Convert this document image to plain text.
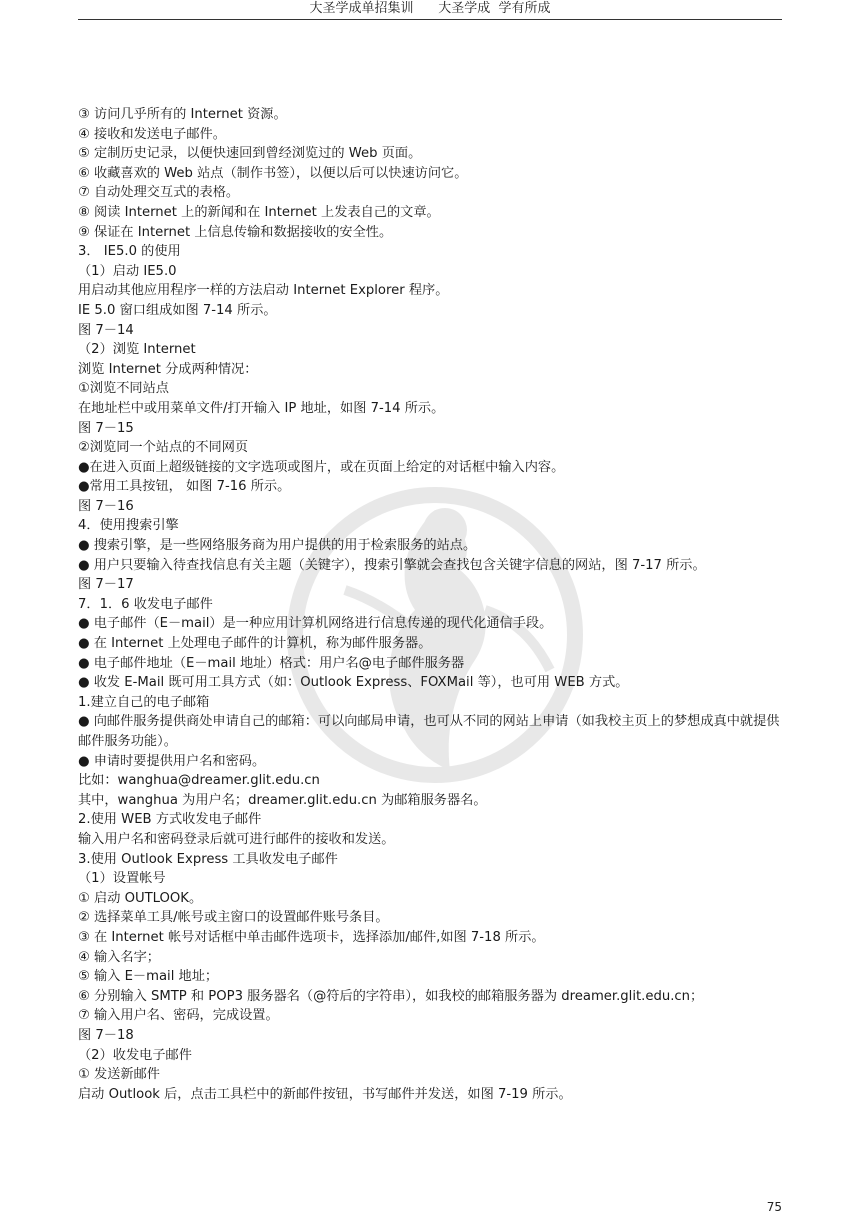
大圣学成单招集训      大圣学成  学有所成
③ 访问几乎所有的 Internet 资源。
④ 接收和发送电子邮件。
⑤ 定制历史记录，以便快速回到曾经浏览过的 Web 页面。
⑥ 收藏喜欢的 Web 站点（制作书签），以便以后可以快速访问它。
⑦ 自动处理交互式的表格。
⑧ 阅读 Internet 上的新闻和在 Internet 上发表自己的文章。
⑨ 保证在 Internet 上信息传输和数据接收的安全性。
3． IE5.0 的使用
（1）启动 IE5.0
用启动其他应用程序一样的方法启动 Internet Explorer 程序。
IE 5.0 窗口组成如图 7-14 所示。
图 7－14
（2）浏览 Internet
浏览 Internet 分成两种情况：
①浏览不同站点
在地址栏中或用菜单文件/打开输入 IP 地址，如图 7-14 所示。
图 7－15
②浏览同一个站点的不同网页
●在进入页面上超级链接的文字选项或图片，或在页面上给定的对话框中输入内容。
●常用工具按钮， 如图 7-16 所示。
图 7－16
4．使用搜索引擎
● 搜索引擎，是一些网络服务商为用户提供的用于检索服务的站点。
● 用户只要输入待查找信息有关主题（关键字），搜索引擎就会查找包含关键字信息的网站，图 7-17 所示。
图 7－17
7．1．6 收发电子邮件
● 电子邮件（E－mail）是一种应用计算机网络进行信息传递的现代化通信手段。
● 在 Internet 上处理电子邮件的计算机，称为邮件服务器。
● 电子邮件地址（E－mail 地址）格式：用户名@电子邮件服务器
● 收发 E-Mail 既可用工具方式（如：Outlook Express、FOXMail 等），也可用 WEB 方式。
1.建立自己的电子邮箱
● 向邮件服务提供商处申请自己的邮箱：可以向邮局申请，也可从不同的网站上申请（如我校主页上的梦想成真中就提供邮件服务功能）。
● 申请时要提供用户名和密码。
比如：wanghua@dreamer.glit.edu.cn
其中，wanghua 为用户名；dreamer.glit.edu.cn 为邮箱服务器名。
2.使用 WEB 方式收发电子邮件
输入用户名和密码登录后就可进行邮件的接收和发送。
3.使用 Outlook Express 工具收发电子邮件
（1）设置帐号
① 启动 OUTLOOK。
② 选择菜单工具/帐号或主窗口的设置邮件账号条目。
③ 在 Internet 帐号对话框中单击邮件选项卡，选择添加/邮件,如图 7-18 所示。
④ 输入名字；
⑤ 输入 E－mail 地址；
⑥ 分别输入 SMTP 和 POP3 服务器名（@符后的字符串），如我校的邮箱服务器为 dreamer.glit.edu.cn；
⑦ 输入用户名、密码，完成设置。
图 7－18
（2）收发电子邮件
① 发送新邮件
启动 Outlook 后，点击工具栏中的新邮件按钮，书写邮件并发送，如图 7-19 所示。
75
